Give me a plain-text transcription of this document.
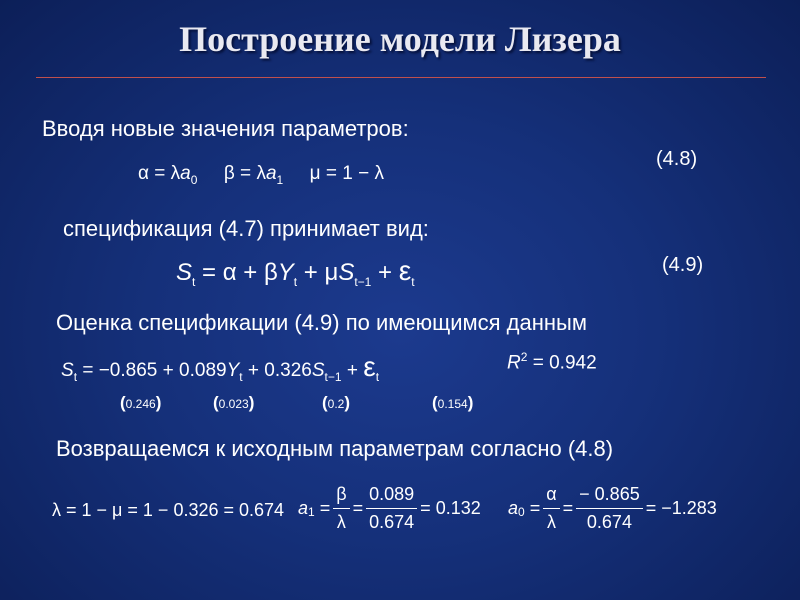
Построение модели Лизера
Вводя новые значения параметров:
$\alpha = \lambda a_0$ $\beta = \lambda a_1$ μ = 1 − λ
(4.8)
спецификация (4.7) принимает вид:
$S_t = \alpha + \beta Y_t + \mu S_{t-1} + \varepsilon_t$
(4.9)
Оценка спецификации (4.9) по имеющимся данным
$S_t = -0.865 + 0.089Y_t + 0.326S_{t-1} + \varepsilon_t$
$R^2 = 0.942$
(0.246)	(0.023)	(0.2)	(0.154)
Возвращаемся к исходным параметрам согласно (4.8)
λ = 1 − μ = 1 − 0.326 = 0.674 a 1
= $\frac{\beta}{\lambda} = \frac{0.089}{0.674}$ =
0.132 a 0
= $\frac{\alpha}{\lambda} = \frac{- 0.865}{0.674}$ =
−1.283
